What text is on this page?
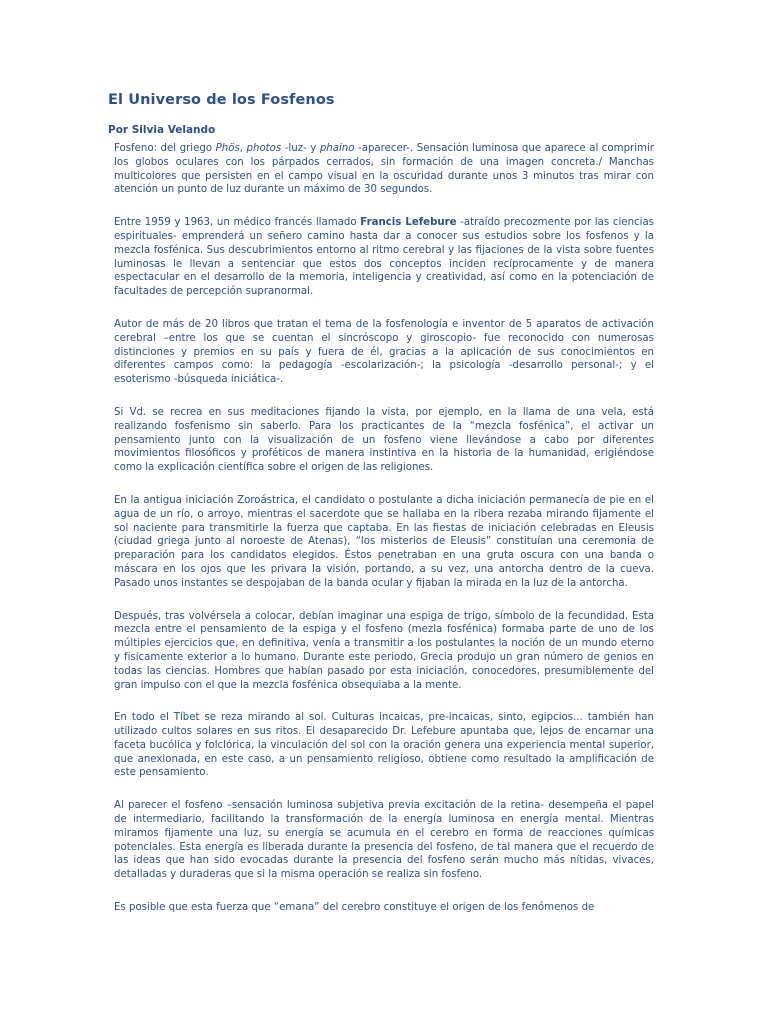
El Universo de los Fosfenos
Por Silvia Velando

Fosfeno: del griego Phös, photos -luz- y phaino -aparecer-. Sensación luminosa que aparece al comprimir los globos oculares con los párpados cerrados, sin formación de una imagen concreta./ Manchas multicolores que persisten en el campo visual en la oscuridad durante unos 3 minutos tras mirar con atención un punto de luz durante un máximo de 30 segundos.

Entre 1959 y 1963, un médico francés llamado Francis Lefebure -atraído precozmente por las ciencias espirituales- emprenderá un señero camino hasta dar a conocer sus estudios sobre los fosfenos y la mezcla fosfénica. Sus descubrimientos entorno al ritmo cerebral y las fijaciones de la vista sobre fuentes luminosas le llevan a sentenciar que estos dos conceptos inciden recíprocamente y de manera espectacular en el desarrollo de la memoria, inteligencia y creatividad, así como en la potenciación de facultades de percepción supranormal.

Autor de más de 20 libros que tratan el tema de la fosfenología e inventor de 5 aparatos de activación cerebral –entre los que se cuentan el sincróscopo y giroscopio- fue reconocido con numerosas distinciones y premios en su país y fuera de él, gracias a la aplicación de sus conocimientos en diferentes campos como: la pedagogía -escolarización-; la psicología -desarrollo personal-; y el esoterismo -búsqueda iniciática-.

Si Vd. se recrea en sus meditaciones fijando la vista, por ejemplo, en la llama de una vela, está realizando fosfenismo sin saberlo. Para los practicantes de la “mezcla fosfénica”, el activar un pensamiento junto con la visualización de un fosfeno viene llevándose a cabo por diferentes movimientos filosóficos y proféticos de manera instintiva en la historia de la humanidad, erigiéndose como la explicación científica sobre el origen de las religiones.

En la antigua iniciación Zoroástrica, el candidato o postulante a dicha iniciación permanecía de pie en el agua de un río, o arroyo, mientras el sacerdote que se hallaba en la ribera rezaba mirando fijamente el sol naciente para transmitirle la fuerza que captaba. En las fiestas de iniciación celebradas en Eleusis (ciudad griega junto al noroeste de Atenas), “los misterios de Eleusis” constituían una ceremonia de preparación para los candidatos elegidos. Éstos penetraban en una gruta oscura con una banda o máscara en los ojos que les privara la visión, portando, a su vez, una antorcha dentro de la cueva. Pasado unos instantes se despojaban de la banda ocular y fijaban la mirada en la luz de la antorcha.

Después, tras volvérsela a colocar, debían imaginar una espiga de trigo, símbolo de la fecundidad. Esta mezcla entre el pensamiento de la espiga y el fosfeno (mezla fosfénica) formaba parte de uno de los múltiples ejercicios que, en definitiva, venía a transmitir a los postulantes la noción de un mundo eterno y físicamente exterior a lo humano. Durante este periodo, Grecia produjo un gran número de genios en todas las ciencias. Hombres que habían pasado por esta iniciación, conocedores, presumiblemente del gran impulso con el que la mezcla fosfénica obsequiaba a la mente.

En todo el Tíbet se reza mirando al sol. Culturas incaicas, pre-incaicas, sinto, egipcios... también han utilizado cultos solares en sus ritos. El desaparecido Dr. Lefebure apuntaba que, lejos de encarnar una faceta bucólica y folclórica, la vinculación del sol con la oración genera una experiencia mental superior, que anexionada, en este caso, a un pensamiento religioso, obtiene como resultado la amplificación de este pensamiento.

Al parecer el fosfeno –sensación luminosa subjetiva previa excitación de la retina- desempeña el papel de intermediario, facilitando la transformación de la energía luminosa en energía mental. Mientras miramos fijamente una luz, su energía se acumula en el cerebro en forma de reacciones químicas potenciales. Esta energía es liberada durante la presencia del fosfeno, de tal manera que el recuerdo de las ideas que han sido evocadas durante la presencia del fosfeno serán mucho más nítidas, vivaces, detalladas y duraderas que si la misma operación se realiza sin fosfeno.

Es posible que esta fuerza que “emana” del cerebro constituye el origen de los fenómenos de
